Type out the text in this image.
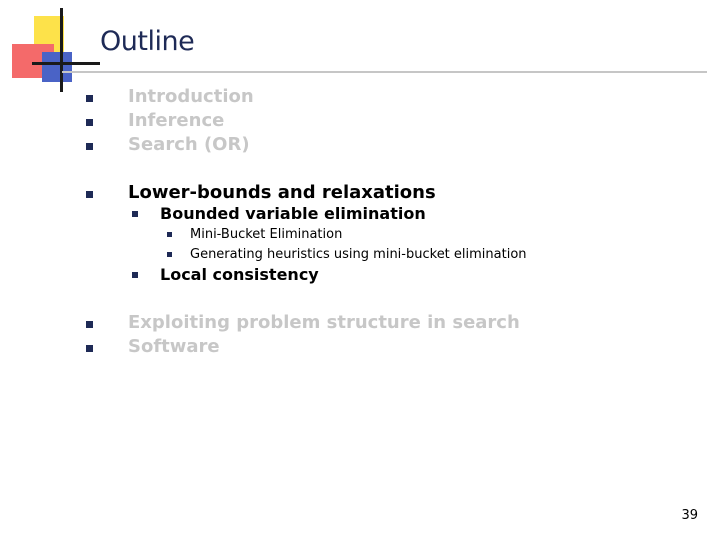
Outline
Introduction
Inference
Search (OR)
Lower-bounds and relaxations
Bounded variable elimination
Mini-Bucket Elimination
Generating heuristics using mini-bucket elimination
Local consistency
Exploiting problem structure in search
Software
39
